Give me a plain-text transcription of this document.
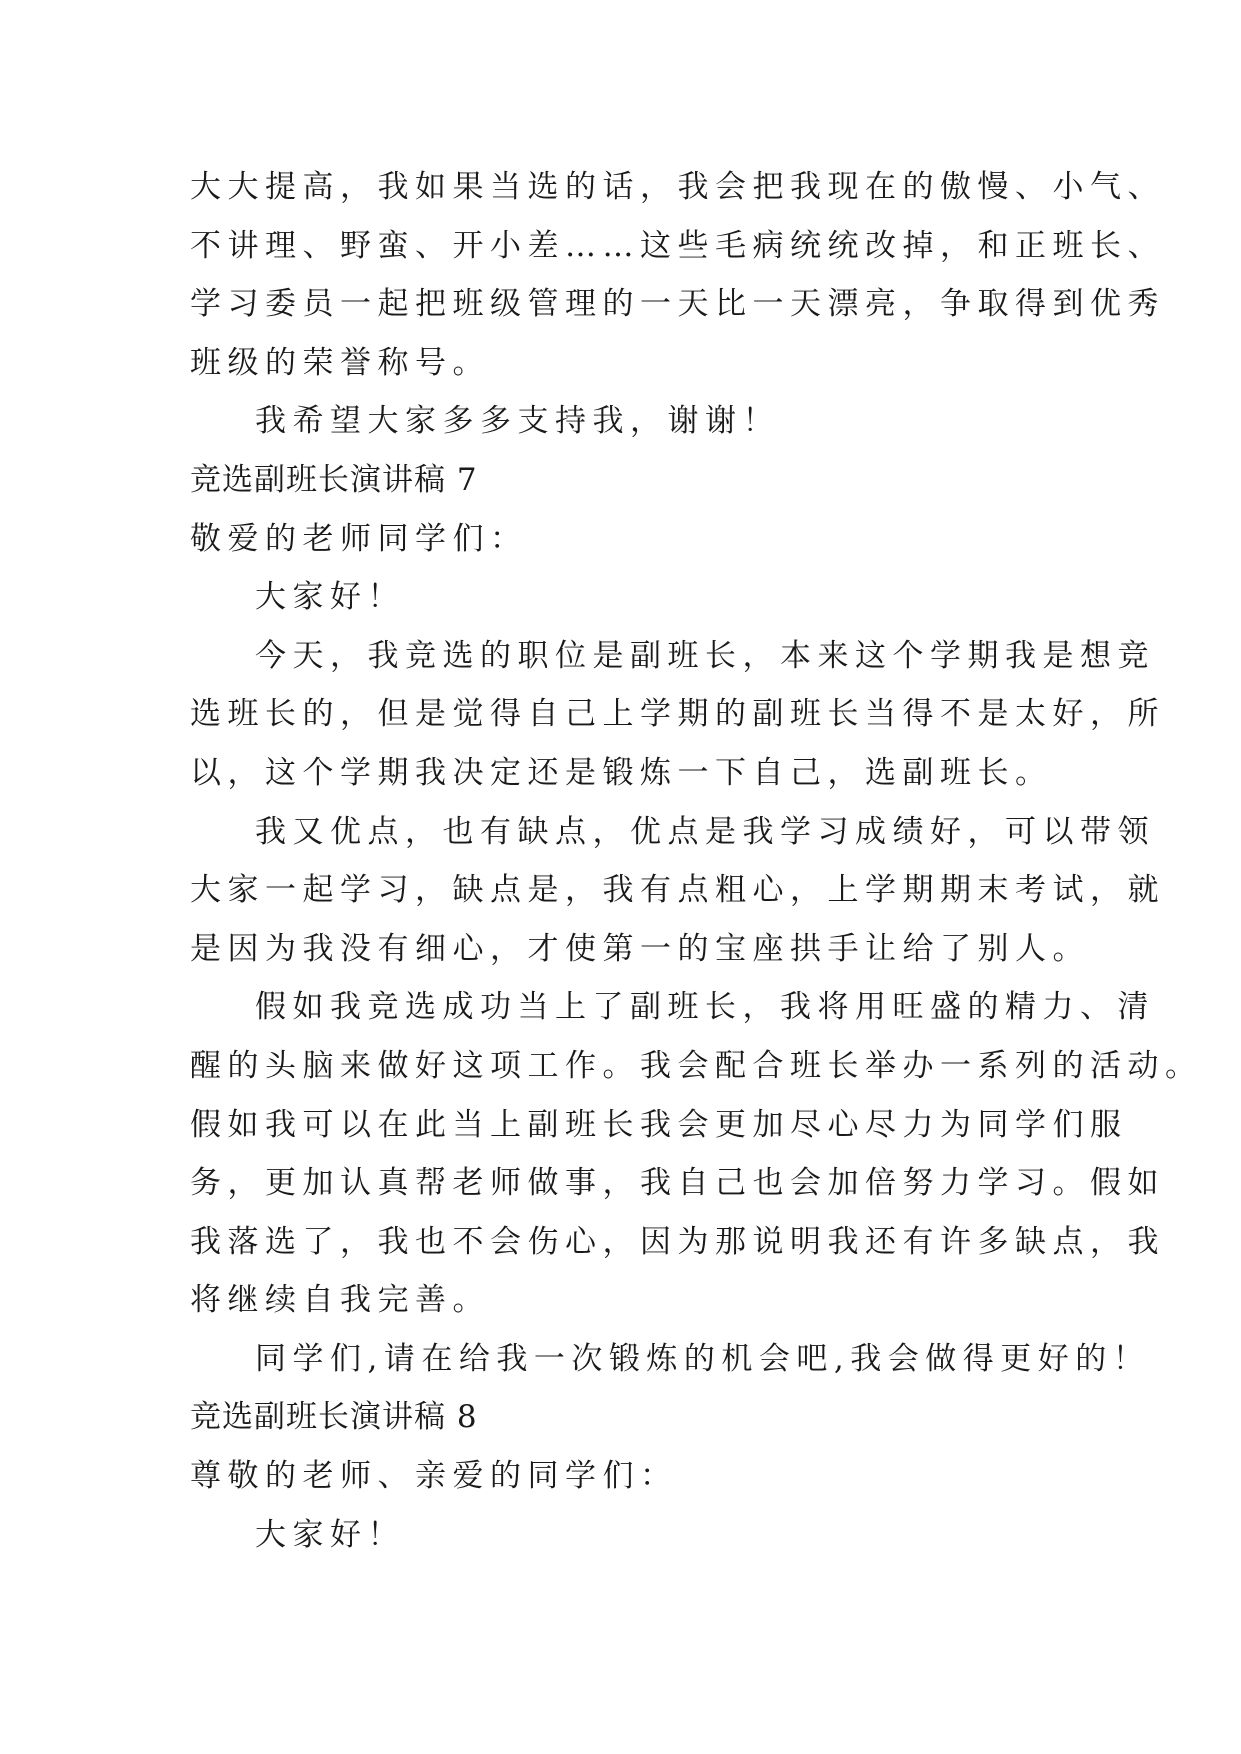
大大提高，我如果当选的话，我会把我现在的傲慢、小气、
不讲理、野蛮、开小差……这些毛病统统改掉，和正班长、
学习委员一起把班级管理的一天比一天漂亮，争取得到优秀
班级的荣誉称号。
我希望大家多多支持我，谢谢！
竞选副班长演讲稿 7
敬爱的老师同学们：
大家好！
今天，我竞选的职位是副班长，本来这个学期我是想竞
选班长的，但是觉得自己上学期的副班长当得不是太好，所
以，这个学期我决定还是锻炼一下自己，选副班长。
我又优点，也有缺点，优点是我学习成绩好，可以带领
大家一起学习，缺点是，我有点粗心，上学期期末考试，就
是因为我没有细心，才使第一的宝座拱手让给了别人。
假如我竞选成功当上了副班长，我将用旺盛的精力、清
醒的头脑来做好这项工作。我会配合班长举办一系列的活动。
假如我可以在此当上副班长我会更加尽心尽力为同学们服
务，更加认真帮老师做事，我自己也会加倍努力学习。假如
我落选了，我也不会伤心，因为那说明我还有许多缺点，我
将继续自我完善。
同学们,请在给我一次锻炼的机会吧,我会做得更好的！
竞选副班长演讲稿 8
尊敬的老师、亲爱的同学们：
大家好！
